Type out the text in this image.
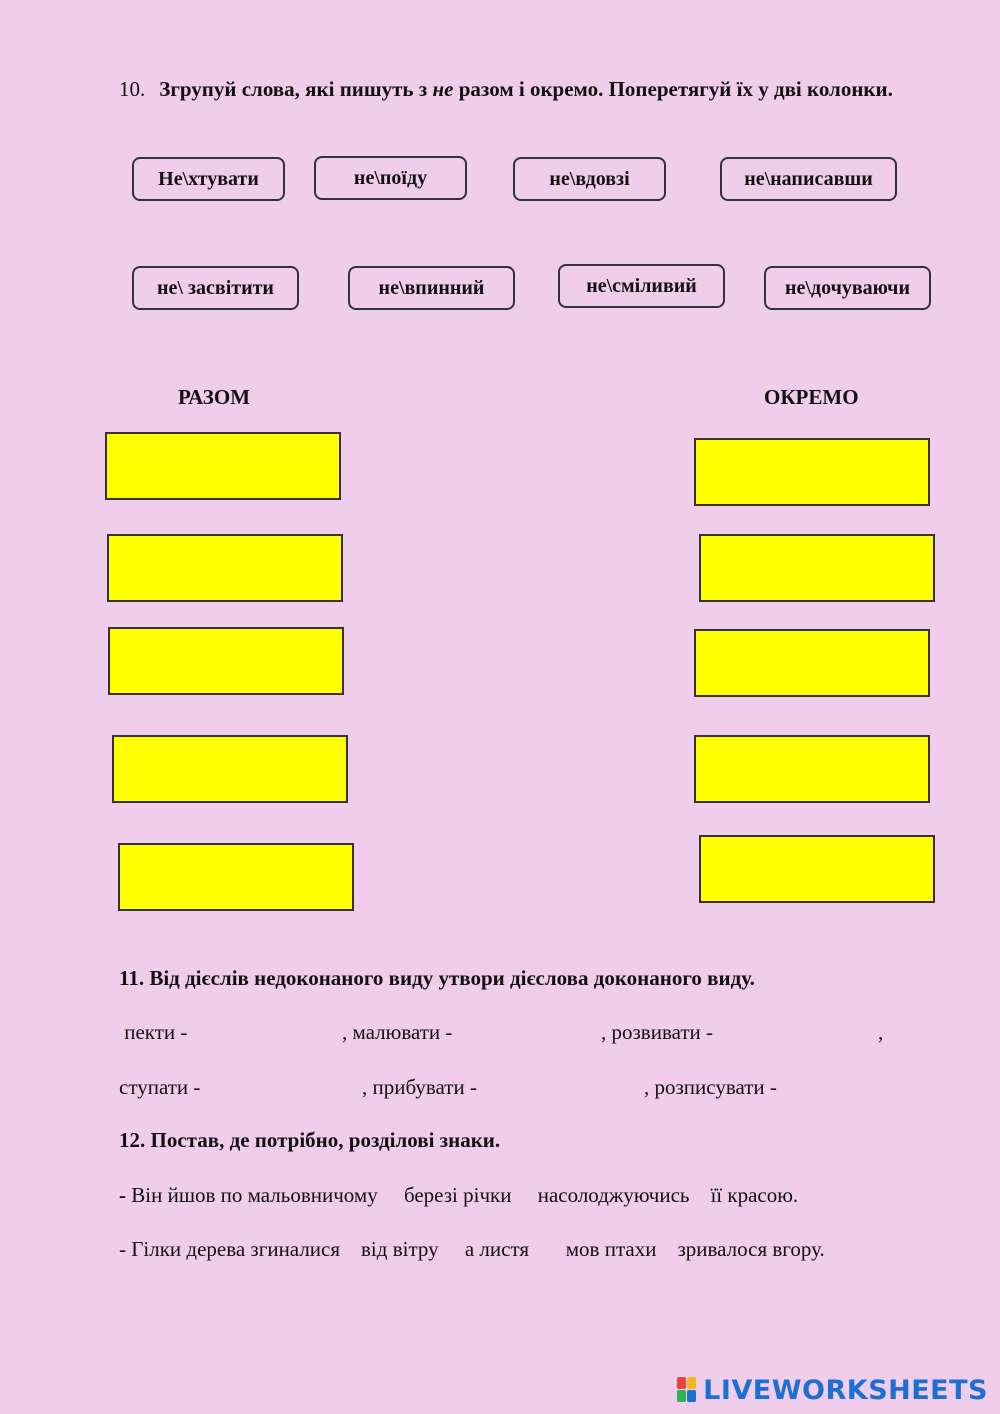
10. Згрупуй слова, які пишуть з не разом і окремо. Поперетягуй їх у дві колонки.
Не\хтувати	не\поїду	не\вдовзі	не\написавши
не\ засвітити	не\впинний	не\сміливий	не\дочуваючи
РАЗОМ	ОКРЕМО
11. Від дієслів недоконаного виду утвори дієслова доконаного виду.
пекти -	, малювати -	, розвивати -	,
ступати -	, прибувати -	, розписувати -
12. Постав, де потрібно, розділові знаки.
- Він йшов по мальовничому     березі річки     насолоджуючись    її красою.
- Гілки дерева згиналися    від вітру     а листя       мов птахи    зривалося вгору.
LIVEWORKSHEETS
